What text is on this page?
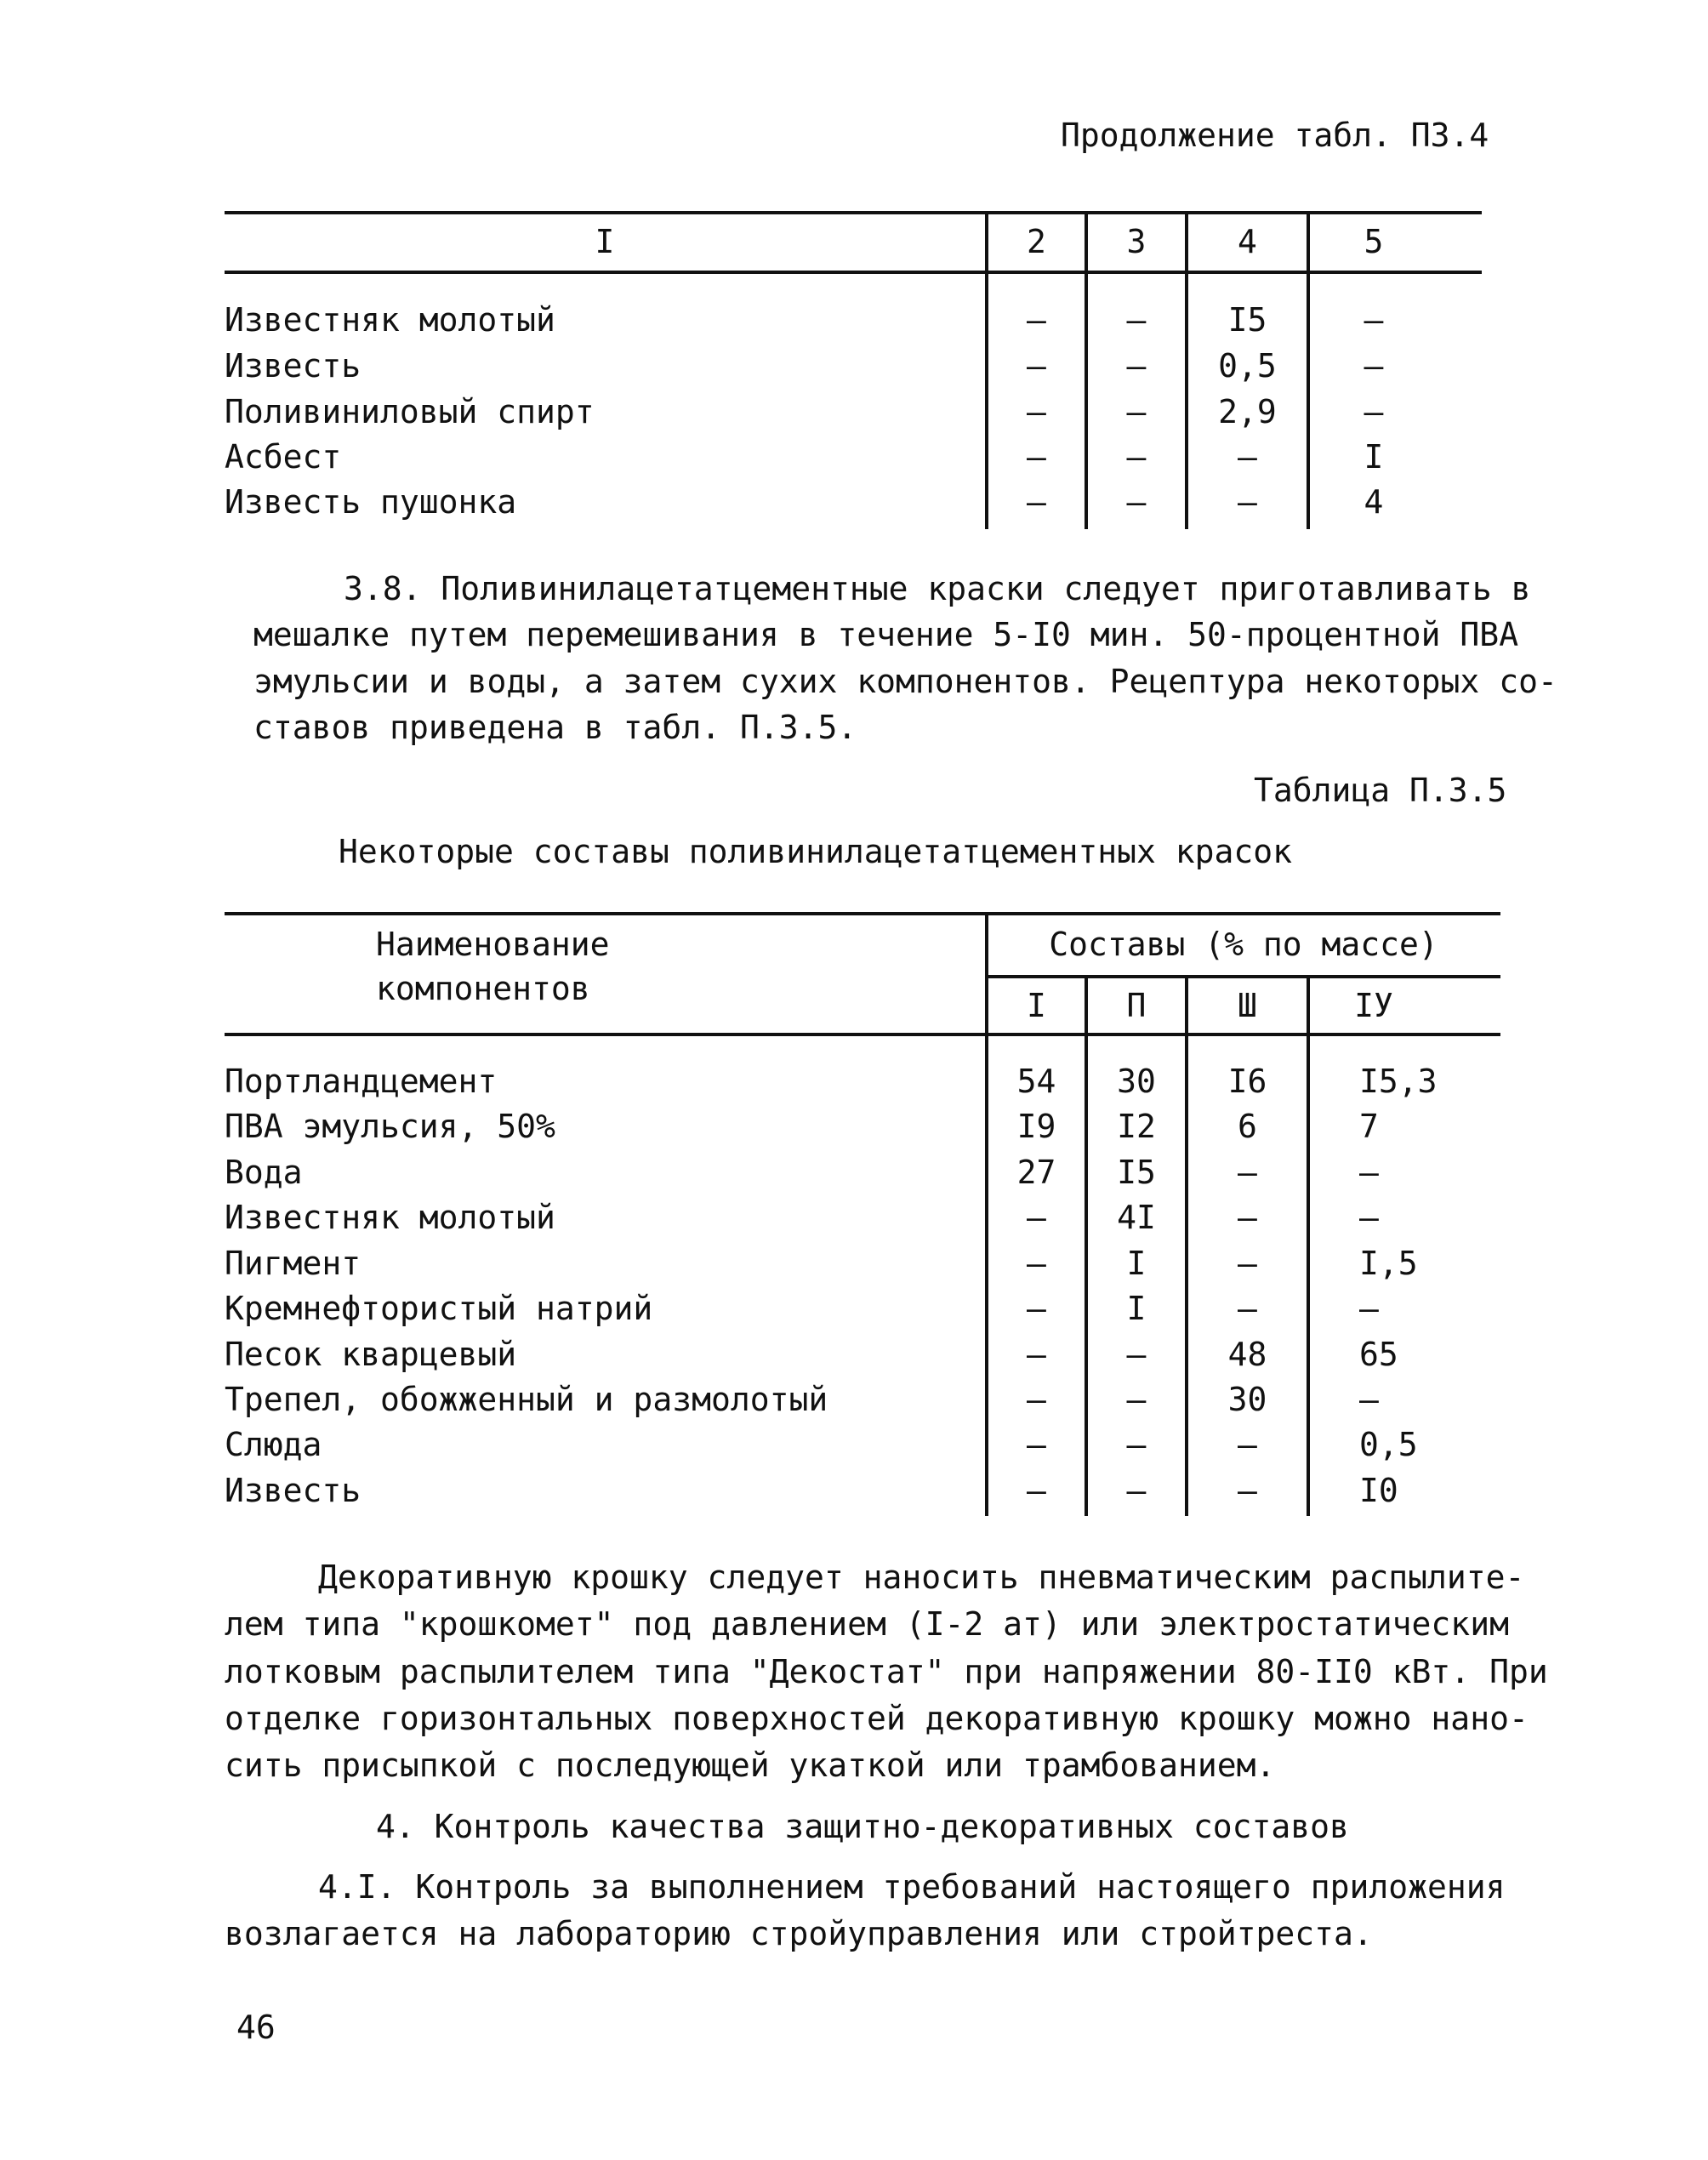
Продолжение табл. П3.4
I	2	3	4	5
Известняк молотый	–	–	I5	–
Известь	–	–	0,5	–
Поливиниловый спирт	–	–	2,9	–
Асбест	–	–	–	I
Известь пушонка	–	–	–	4
3.8. Поливинилацетатцементные краски следует приготавливать в
мешалке путем перемешивания в течение 5-I0 мин. 50-процентной ПВА
эмульсии и воды, а затем сухих компонентов. Рецептура некоторых со-
ставов приведена в табл. П.3.5.
Таблица П.3.5
Некоторые составы поливинилацетатцементных красок
Наименование
компонентов
Составы (% по массе)
I	П	Ш	IУ
Портландцемент	54	30	I6	I5,3
ПВА эмульсия, 50%	I9	I2	6	7
Вода	27	I5	–	–
Известняк молотый	–	4I	–	–
Пигмент	–	I	–	I,5
Кремнефтористый натрий	–	I	–	–
Песок кварцевый	–	–	48	65
Трепел, обожженный и размолотый	–	–	30	–
Слюда	–	–	–	0,5
Известь	–	–	–	I0
Декоративную крошку следует наносить пневматическим распылите-
лем типа "крошкомет" под давлением (I-2 ат) или электростатическим
лотковым распылителем типа "Декостат" при напряжении 80-II0 кВт. При
отделке горизонтальных поверхностей декоративную крошку можно нано-
сить присыпкой с последующей укаткой или трамбованием.
4. Контроль качества защитно-декоративных составов
4.I. Контроль за выполнением требований настоящего приложения
возлагается на лабораторию стройуправления или стройтреста.
46
